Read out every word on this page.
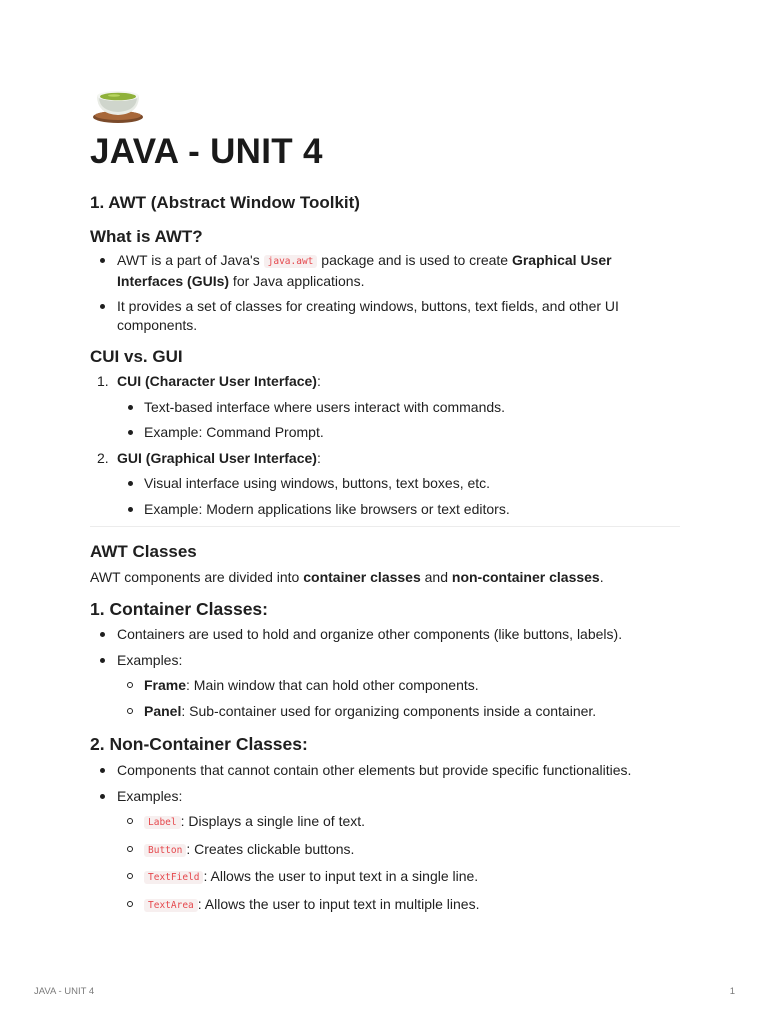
JAVA - UNIT 4
1. AWT (Abstract Window Toolkit)
What is AWT?
AWT is a part of Java's java.awt package and is used to create Graphical User Interfaces (GUIs) for Java applications.
It provides a set of classes for creating windows, buttons, text fields, and other UI components.
CUI vs. GUI
1. CUI (Character User Interface):
Text-based interface where users interact with commands.
Example: Command Prompt.
2. GUI (Graphical User Interface):
Visual interface using windows, buttons, text boxes, etc.
Example: Modern applications like browsers or text editors.
AWT Classes

AWT components are divided into container classes and non-container classes.

1. Container Classes:
Containers are used to hold and organize other components (like buttons, labels).
Examples:
Frame: Main window that can hold other components.
Panel: Sub-container used for organizing components inside a container.
2. Non-Container Classes:
Components that cannot contain other elements but provide specific functionalities.
Examples:
Label : Displays a single line of text.
Button : Creates clickable buttons.
TextField : Allows the user to input text in a single line.
TextArea : Allows the user to input text in multiple lines.
JAVA - UNIT 4	1
